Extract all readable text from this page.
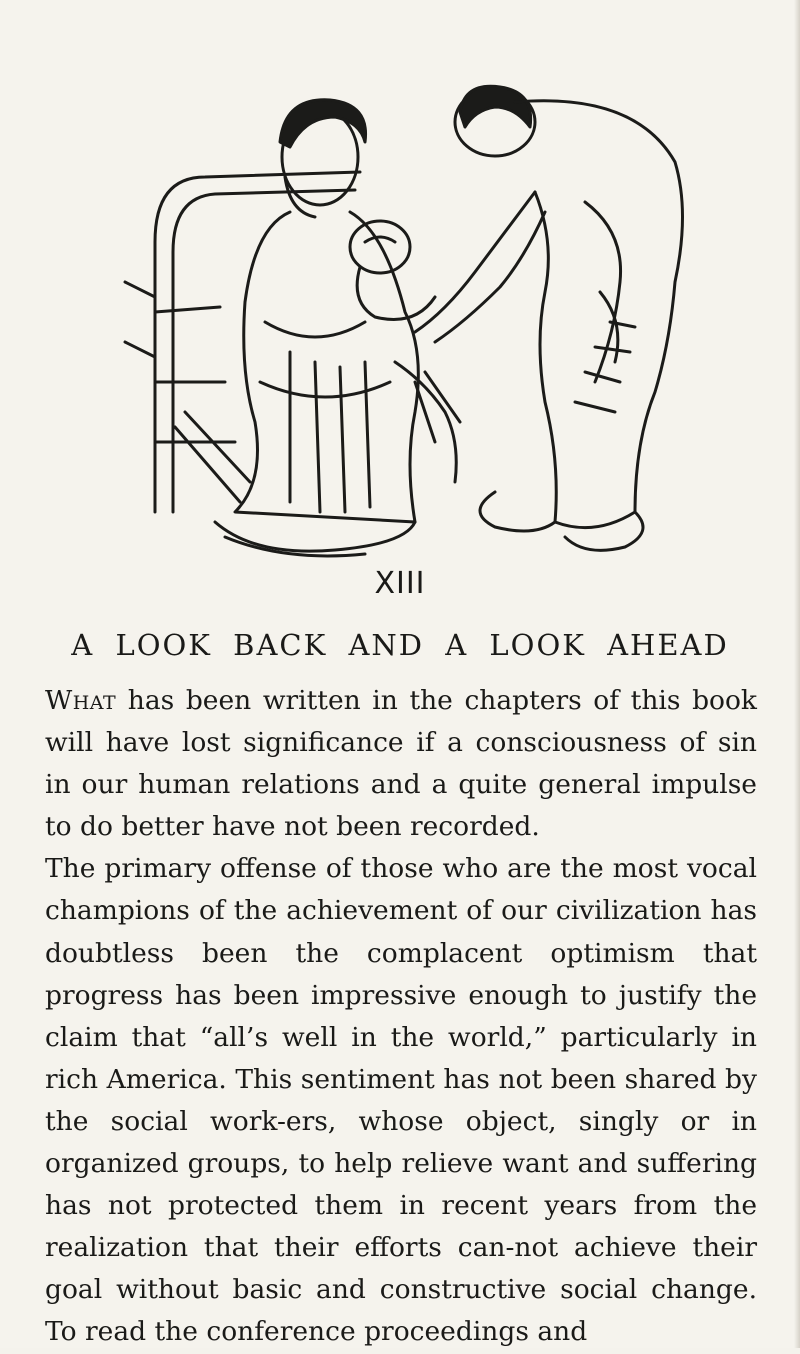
XIII
A LOOK BACK AND A LOOK AHEAD

What has been written in the chapters of this book will have lost significance if a consciousness of sin in our human relations and a quite general impulse to do better have not been recorded.

The primary offense of those who are the most vocal champions of the achievement of our civilization has doubtless been the complacent optimism that progress has been impressive enough to justify the claim that “all’s well in the world,” particularly in rich America. This sentiment has not been shared by the social work-ers, whose object, singly or in organized groups, to help relieve want and suffering has not protected them in recent years from the realization that their efforts can-not achieve their goal without basic and constructive social change. To read the conference proceedings and
